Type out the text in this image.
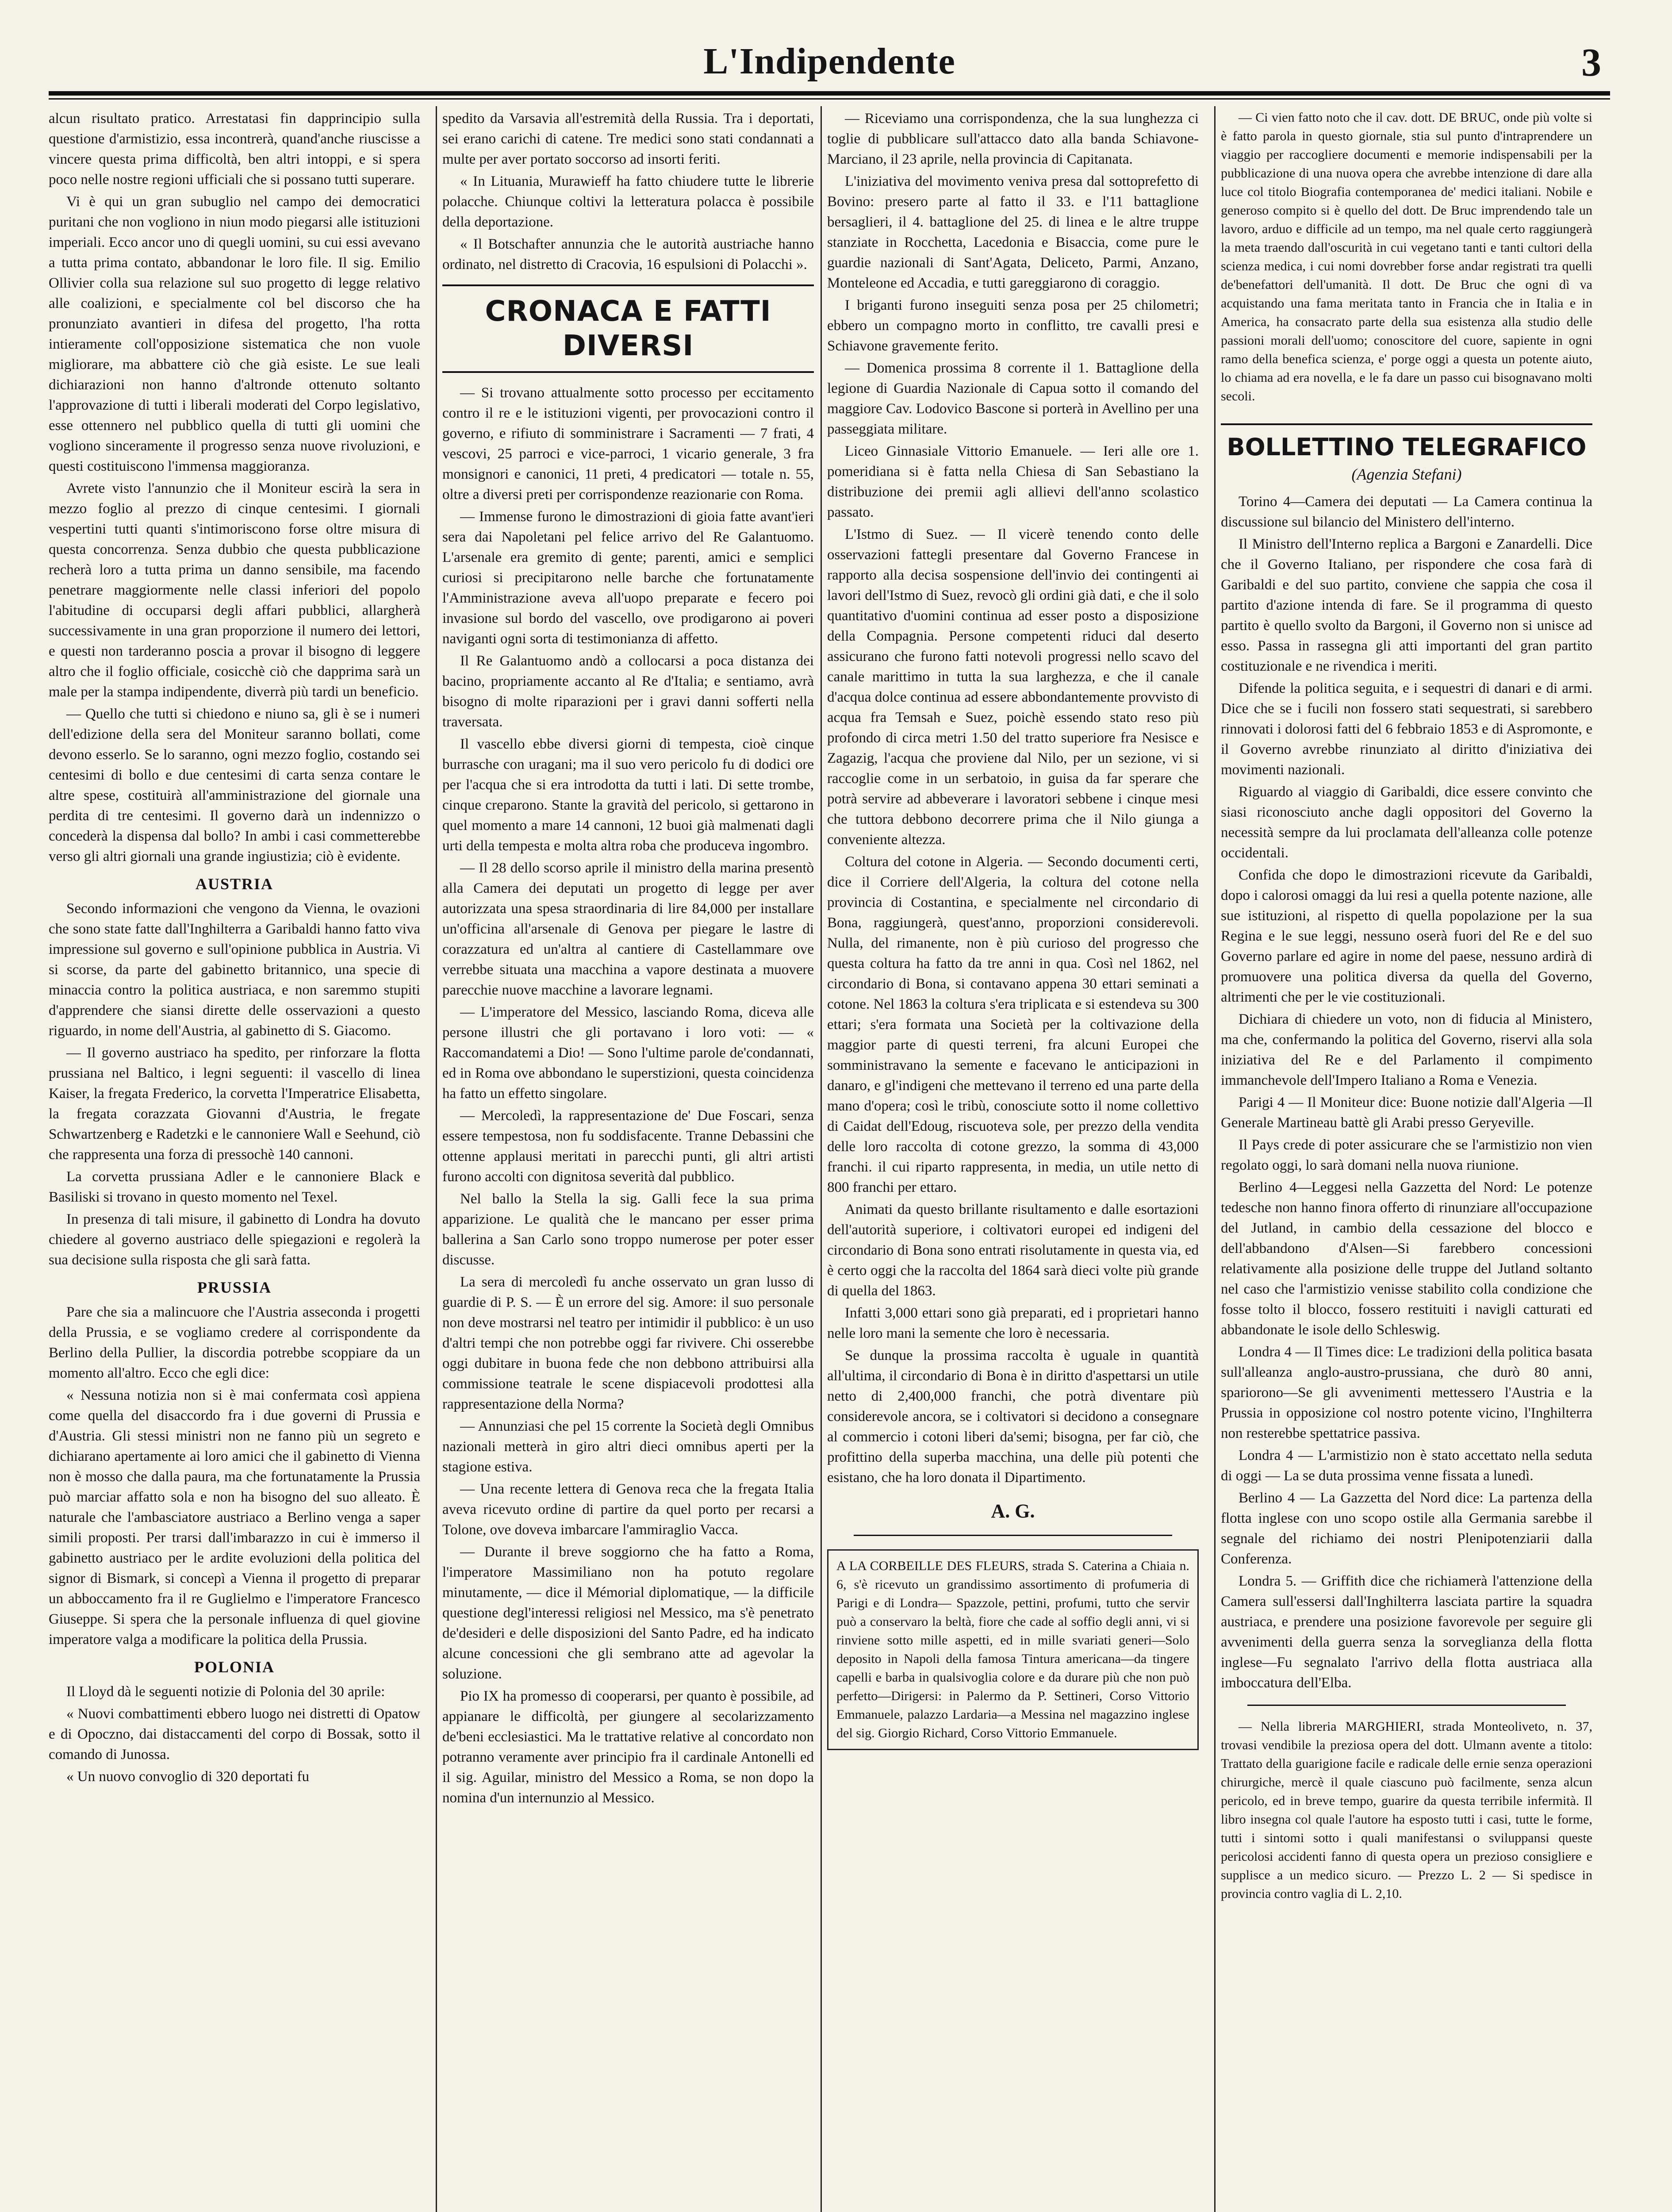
L'Indipendente	3

alcun risultato pratico. Arrestatasi fin dapprincipio sulla questione d'armistizio, essa incontrerà, quand'anche riuscisse a vincere questa prima difficoltà, ben altri intoppi, e si spera poco nelle nostre regioni ufficiali che si possano tutti superare.

Vi è qui un gran subuglio nel campo dei democratici puritani che non vogliono in niun modo piegarsi alle istituzioni imperiali. Ecco ancor uno di quegli uomini, su cui essi avevano a tutta prima contato, abbandonar le loro file. Il sig. Emilio Ollivier colla sua relazione sul suo progetto di legge relativo alle coalizioni, e specialmente col bel discorso che ha pronunziato avantieri in difesa del progetto, l'ha rotta intieramente coll'opposizione sistematica che non vuole migliorare, ma abbattere ciò che già esiste. Le sue leali dichiarazioni non hanno d'altronde ottenuto soltanto l'approvazione di tutti i liberali moderati del Corpo legislativo, esse ottennero nel pubblico quella di tutti gli uomini che vogliono sinceramente il progresso senza nuove rivoluzioni, e questi costituiscono l'immensa maggioranza.

Avrete visto l'annunzio che il Moniteur escirà la sera in mezzo foglio al prezzo di cinque centesimi. I giornali vespertini tutti quanti s'intimoriscono forse oltre misura di questa concorrenza. Senza dubbio che questa pubblicazione recherà loro a tutta prima un danno sensibile, ma facendo penetrare maggiormente nelle classi inferiori del popolo l'abitudine di occuparsi degli affari pubblici, allargherà successivamente in una gran proporzione il numero dei lettori, e questi non tarderanno poscia a provar il bisogno di leggere altro che il foglio officiale, cosicchè ciò che dapprima sarà un male per la stampa indipendente, diverrà più tardi un beneficio.

— Quello che tutti si chiedono e niuno sa, gli è se i numeri dell'edizione della sera del Moniteur saranno bollati, come devono esserlo. Se lo saranno, ogni mezzo foglio, costando sei centesimi di bollo e due centesimi di carta senza contare le altre spese, costituirà all'amministrazione del giornale una perdita di tre centesimi. Il governo darà un indennizzo o concederà la dispensa dal bollo? In ambi i casi commetterebbe verso gli altri giornali una grande ingiustizia; ciò è evidente.

AUSTRIA

Secondo informazioni che vengono da Vienna, le ovazioni che sono state fatte dall'Inghilterra a Garibaldi hanno fatto viva impressione sul governo e sull'opinione pubblica in Austria. Vi si scorse, da parte del gabinetto britannico, una specie di minaccia contro la politica austriaca, e non saremmo stupiti d'apprendere che siansi dirette delle osservazioni a questo riguardo, in nome dell'Austria, al gabinetto di S. Giacomo.

— Il governo austriaco ha spedito, per rinforzare la flotta prussiana nel Baltico, i legni seguenti: il vascello di linea Kaiser, la fregata Frederico, la corvetta l'Imperatrice Elisabetta, la fregata corazzata Giovanni d'Austria, le fregate Schwartzenberg e Radetzki e le cannoniere Wall e Seehund, ciò che rappresenta una forza di pressochè 140 cannoni.

La corvetta prussiana Adler e le cannoniere Black e Basiliski si trovano in questo momento nel Texel.

In presenza di tali misure, il gabinetto di Londra ha dovuto chiedere al governo austriaco delle spiegazioni e regolerà la sua decisione sulla risposta che gli sarà fatta.

PRUSSIA

Pare che sia a malincuore che l'Austria asseconda i progetti della Prussia, e se vogliamo credere al corrispondente da Berlino della Pullier, la discordia potrebbe scoppiare da un momento all'altro. Ecco che egli dice:

« Nessuna notizia non si è mai confermata così appiena come quella del disaccordo fra i due governi di Prussia e d'Austria. Gli stessi ministri non ne fanno più un segreto e dichiarano apertamente ai loro amici che il gabinetto di Vienna non è mosso che dalla paura, ma che fortunatamente la Prussia può marciar affatto sola e non ha bisogno del suo alleato. È naturale che l'ambasciatore austriaco a Berlino venga a saper simili proposti. Per trarsi dall'imbarazzo in cui è immerso il gabinetto austriaco per le ardite evoluzioni della politica del signor di Bismark, si concepì a Vienna il progetto di preparar un abboccamento fra il re Guglielmo e l'imperatore Francesco Giuseppe. Si spera che la personale influenza di quel giovine imperatore valga a modificare la politica della Prussia.

POLONIA

Il Lloyd dà le seguenti notizie di Polonia del 30 aprile:

« Nuovi combattimenti ebbero luogo nei distretti di Opatow e di Opoczno, dai distaccamenti del corpo di Bossak, sotto il comando di Junossa.

« Un nuovo convoglio di 320 deportati fu

spedito da Varsavia all'estremità della Russia. Tra i deportati, sei erano carichi di catene. Tre medici sono stati condannati a multe per aver portato soccorso ad insorti feriti.

« In Lituania, Murawieff ha fatto chiudere tutte le librerie polacche. Chiunque coltivi la letteratura polacca è possibile della deportazione.

« Il Botschafter annunzia che le autorità austriache hanno ordinato, nel distretto di Cracovia, 16 espulsioni di Polacchi ».

CRONACA E FATTI DIVERSI

— Si trovano attualmente sotto processo per eccitamento contro il re e le istituzioni vigenti, per provocazioni contro il governo, e rifiuto di somministrare i Sacramenti — 7 frati, 4 vescovi, 25 parroci e vice-parroci, 1 vicario generale, 3 fra monsignori e canonici, 11 preti, 4 predicatori — totale n. 55, oltre a diversi preti per corrispondenze reazionarie con Roma.

— Immense furono le dimostrazioni di gioia fatte avant'ieri sera dai Napoletani pel felice arrivo del Re Galantuomo. L'arsenale era gremito di gente; parenti, amici e semplici curiosi si precipitarono nelle barche che fortunatamente l'Amministrazione aveva all'uopo preparate e fecero poi invasione sul bordo del vascello, ove prodigarono ai poveri naviganti ogni sorta di testimonianza di affetto.

Il Re Galantuomo andò a collocarsi a poca distanza dei bacino, propriamente accanto al Re d'Italia; e sentiamo, avrà bisogno di molte riparazioni per i gravi danni sofferti nella traversata.

Il vascello ebbe diversi giorni di tempesta, cioè cinque burrasche con uragani; ma il suo vero pericolo fu di dodici ore per l'acqua che si era introdotta da tutti i lati. Di sette trombe, cinque creparono. Stante la gravità del pericolo, si gettarono in quel momento a mare 14 cannoni, 12 buoi già malmenati dagli urti della tempesta e molta altra roba che produceva ingombro.

— Il 28 dello scorso aprile il ministro della marina presentò alla Camera dei deputati un progetto di legge per aver autorizzata una spesa straordinaria di lire 84,000 per installare un'officina all'arsenale di Genova per piegare le lastre di corazzatura ed un'altra al cantiere di Castellammare ove verrebbe situata una macchina a vapore destinata a muovere parecchie nuove macchine a lavorare legnami.

— L'imperatore del Messico, lasciando Roma, diceva alle persone illustri che gli portavano i loro voti: — « Raccomandatemi a Dio! — Sono l'ultime parole de'condannati, ed in Roma ove abbondano le superstizioni, questa coincidenza ha fatto un effetto singolare.

— Mercoledì, la rappresentazione de' Due Foscari, senza essere tempestosa, non fu soddisfacente. Tranne Debassini che ottenne applausi meritati in parecchi punti, gli altri artisti furono accolti con dignitosa severità dal pubblico.

Nel ballo la Stella la sig. Galli fece la sua prima apparizione. Le qualità che le mancano per esser prima ballerina a San Carlo sono troppo numerose per poter esser discusse.

La sera di mercoledì fu anche osservato un gran lusso di guardie di P. S. — È un errore del sig. Amore: il suo personale non deve mostrarsi nel teatro per intimidir il pubblico: è un uso d'altri tempi che non potrebbe oggi far rivivere. Chi osserebbe oggi dubitare in buona fede che non debbono attribuirsi alla commissione teatrale le scene dispiacevoli prodottesi alla rappresentazione della Norma?

— Annunziasi che pel 15 corrente la Società degli Omnibus nazionali metterà in giro altri dieci omnibus aperti per la stagione estiva.

— Una recente lettera di Genova reca che la fregata Italia aveva ricevuto ordine di partire da quel porto per recarsi a Tolone, ove doveva imbarcare l'ammiraglio Vacca.

— Durante il breve soggiorno che ha fatto a Roma, l'imperatore Massimiliano non ha potuto regolare minutamente, — dice il Mémorial diplomatique, — la difficile questione degl'interessi religiosi nel Messico, ma s'è penetrato de'desideri e delle disposizioni del Santo Padre, ed ha indicato alcune concessioni che gli sembrano atte ad agevolar la soluzione.

Pio IX ha promesso di cooperarsi, per quanto è possibile, ad appianare le difficoltà, per giungere al secolarizzamento de'beni ecclesiastici. Ma le trattative relative al concordato non potranno veramente aver principio fra il cardinale Antonelli ed il sig. Aguilar, ministro del Messico a Roma, se non dopo la nomina d'un internunzio al Messico.

— Riceviamo una corrispondenza, che la sua lunghezza ci toglie di pubblicare sull'attacco dato alla banda Schiavone-Marciano, il 23 aprile, nella provincia di Capitanata.

L'iniziativa del movimento veniva presa dal sottoprefetto di Bovino: presero parte al fatto il 33. e l'11 battaglione bersaglieri, il 4. battaglione del 25. di linea e le altre truppe stanziate in Rocchetta, Lacedonia e Bisaccia, come pure le guardie nazionali di Sant'Agata, Deliceto, Parmi, Anzano, Monteleone ed Accadia, e tutti gareggiarono di coraggio.

I briganti furono inseguiti senza posa per 25 chilometri; ebbero un compagno morto in conflitto, tre cavalli presi e Schiavone gravemente ferito.

— Domenica prossima 8 corrente il 1. Battaglione della legione di Guardia Nazionale di Capua sotto il comando del maggiore Cav. Lodovico Bascone si porterà in Avellino per una passeggiata militare.

Liceo Ginnasiale Vittorio Emanuele. — Ieri alle ore 1. pomeridiana si è fatta nella Chiesa di San Sebastiano la distribuzione dei premii agli allievi dell'anno scolastico passato.

L'Istmo di Suez. — Il vicerè tenendo conto delle osservazioni fattegli presentare dal Governo Francese in rapporto alla decisa sospensione dell'invio dei contingenti ai lavori dell'Istmo di Suez, revocò gli ordini già dati, e che il solo quantitativo d'uomini continua ad esser posto a disposizione della Compagnia. Persone competenti riduci dal deserto assicurano che furono fatti notevoli progressi nello scavo del canale marittimo in tutta la sua larghezza, e che il canale d'acqua dolce continua ad essere abbondantemente provvisto di acqua fra Temsah e Suez, poichè essendo stato reso più profondo di circa metri 1.50 del tratto superiore fra Nesisce e Zagazig, l'acqua che proviene dal Nilo, per un sezione, vi si raccoglie come in un serbatoio, in guisa da far sperare che potrà servire ad abbeverare i lavoratori sebbene i cinque mesi che tuttora debbono decorrere prima che il Nilo giunga a conveniente altezza.

Coltura del cotone in Algeria. — Secondo documenti certi, dice il Corriere dell'Algeria, la coltura del cotone nella provincia di Costantina, e specialmente nel circondario di Bona, raggiungerà, quest'anno, proporzioni considerevoli. Nulla, del rimanente, non è più curioso del progresso che questa coltura ha fatto da tre anni in qua. Così nel 1862, nel circondario di Bona, si contavano appena 30 ettari seminati a cotone. Nel 1863 la coltura s'era triplicata e si estendeva su 300 ettari; s'era formata una Società per la coltivazione della maggior parte di questi terreni, fra alcuni Europei che somministravano la semente e facevano le anticipazioni in danaro, e gl'indigeni che mettevano il terreno ed una parte della mano d'opera; così le tribù, conosciute sotto il nome collettivo di Caidat dell'Edoug, riscuoteva sole, per prezzo della vendita delle loro raccolta di cotone grezzo, la somma di 43,000 franchi. il cui riparto rappresenta, in media, un utile netto di 800 franchi per ettaro.

Animati da questo brillante risultamento e dalle esortazioni dell'autorità superiore, i coltivatori europei ed indigeni del circondario di Bona sono entrati risolutamente in questa via, ed è certo oggi che la raccolta del 1864 sarà dieci volte più grande di quella del 1863.

Infatti 3,000 ettari sono già preparati, ed i proprietari hanno nelle loro mani la semente che loro è necessaria.

Se dunque la prossima raccolta è uguale in quantità all'ultima, il circondario di Bona è in diritto d'aspettarsi un utile netto di 2,400,000 franchi, che potrà diventare più considerevole ancora, se i coltivatori si decidono a consegnare al commercio i cotoni liberi da'semi; bisogna, per far ciò, che profittino della superba macchina, una delle più potenti che esistano, che ha loro donata il Dipartimento.

A. G.
A LA CORBEILLE DES FLEURS, strada S. Caterina a Chiaia n. 6, s'è ricevuto un grandissimo assortimento di profumeria di Parigi e di Londra— Spazzole, pettini, profumi, tutto che servir può a conservaro la beltà, fiore che cade al soffio degli anni, vi si rinviene sotto mille aspetti, ed in mille svariati generi—Solo deposito in Napoli della famosa Tintura americana—da tingere capelli e barba in qualsivoglia colore e da durare più che non può perfetto—Dirigersi: in Palermo da P. Settineri, Corso Vittorio Emmanuele, palazzo Lardaria—a Messina nel magazzino inglese del sig. Giorgio Richard, Corso Vittorio Emmanuele.

— Ci vien fatto noto che il cav. dott. DE BRUC, onde più volte si è fatto parola in questo giornale, stia sul punto d'intraprendere un viaggio per raccogliere documenti e memorie indispensabili per la pubblicazione di una nuova opera che avrebbe intenzione di dare alla luce col titolo Biografia contemporanea de' medici italiani. Nobile e generoso compito si è quello del dott. De Bruc imprendendo tale un lavoro, arduo e difficile ad un tempo, ma nel quale certo raggiungerà la meta traendo dall'oscurità in cui vegetano tanti e tanti cultori della scienza medica, i cui nomi dovrebber forse andar registrati tra quelli de'benefattori dell'umanità. Il dott. De Bruc che ogni dì va acquistando una fama meritata tanto in Francia che in Italia e in America, ha consacrato parte della sua esistenza alla studio delle passioni morali dell'uomo; conoscitore del cuore, sapiente in ogni ramo della benefica scienza, e' porge oggi a questa un potente aiuto, lo chiama ad era novella, e le fa dare un passo cui bisognavano molti secoli.

BOLLETTINO TELEGRAFICO
(Agenzia Stefani)

Torino 4—Camera dei deputati — La Camera continua la discussione sul bilancio del Ministero dell'interno.

Il Ministro dell'Interno replica a Bargoni e Zanardelli. Dice che il Governo Italiano, per rispondere che cosa farà di Garibaldi e del suo partito, conviene che sappia che cosa il partito d'azione intenda di fare. Se il programma di questo partito è quello svolto da Bargoni, il Governo non si unisce ad esso. Passa in rassegna gli atti importanti del gran partito costituzionale e ne rivendica i meriti.

Difende la politica seguita, e i sequestri di danari e di armi. Dice che se i fucili non fossero stati sequestrati, si sarebbero rinnovati i dolorosi fatti del 6 febbraio 1853 e di Aspromonte, e il Governo avrebbe rinunziato al diritto d'iniziativa dei movimenti nazionali.

Riguardo al viaggio di Garibaldi, dice essere convinto che siasi riconosciuto anche dagli oppositori del Governo la necessità sempre da lui proclamata dell'alleanza colle potenze occidentali.

Confida che dopo le dimostrazioni ricevute da Garibaldi, dopo i calorosi omaggi da lui resi a quella potente nazione, alle sue istituzioni, al rispetto di quella popolazione per la sua Regina e le sue leggi, nessuno oserà fuori del Re e del suo Governo parlare ed agire in nome del paese, nessuno ardirà di promuovere una politica diversa da quella del Governo, altrimenti che per le vie costituzionali.

Dichiara di chiedere un voto, non di fiducia al Ministero, ma che, confermando la politica del Governo, riservi alla sola iniziativa del Re e del Parlamento il compimento immanchevole dell'Impero Italiano a Roma e Venezia.

Parigi 4 — Il Moniteur dice: Buone notizie dall'Algeria —Il Generale Martineau battè gli Arabi presso Geryeville.

Il Pays crede di poter assicurare che se l'armistizio non vien regolato oggi, lo sarà domani nella nuova riunione.

Berlino 4—Leggesi nella Gazzetta del Nord: Le potenze tedesche non hanno finora offerto di rinunziare all'occupazione del Jutland, in cambio della cessazione del blocco e dell'abbandono d'Alsen—Si farebbero concessioni relativamente alla posizione delle truppe del Jutland soltanto nel caso che l'armistizio venisse stabilito colla condizione che fosse tolto il blocco, fossero restituiti i navigli catturati ed abbandonate le isole dello Schleswig.

Londra 4 — Il Times dice: Le tradizioni della politica basata sull'alleanza anglo-austro-prussiana, che durò 80 anni, spariorono—Se gli avvenimenti mettessero l'Austria e la Prussia in opposizione col nostro potente vicino, l'Inghilterra non resterebbe spettatrice passiva.

Londra 4 — L'armistizio non è stato accettato nella seduta di oggi — La se duta prossima venne fissata a lunedì.

Berlino 4 — La Gazzetta del Nord dice: La partenza della flotta inglese con uno scopo ostile alla Germania sarebbe il segnale del richiamo dei nostri Plenipotenziarii dalla Conferenza.

Londra 5. — Griffith dice che richiamerà l'attenzione della Camera sull'essersi dall'Inghilterra lasciata partire la squadra austriaca, e prendere una posizione favorevole per seguire gli avvenimenti della guerra senza la sorveglianza della flotta inglese—Fu segnalato l'arrivo della flotta austriaca alla imboccatura dell'Elba.

— Nella libreria MARGHIERI, strada Monteoliveto, n. 37, trovasi vendibile la preziosa opera del dott. Ulmann avente a titolo: Trattato della guarigione facile e radicale delle ernie senza operazioni chirurgiche, mercè il quale ciascuno può facilmente, senza alcun pericolo, ed in breve tempo, guarire da questa terribile infermità. Il libro insegna col quale l'autore ha esposto tutti i casi, tutte le forme, tutti i sintomi sotto i quali manifestansi o sviluppansi queste pericolosi accidenti fanno di questa opera un prezioso consigliere e supplisce a un medico sicuro. — Prezzo L. 2 — Si spedisce in provincia contro vaglia di L. 2,10.
